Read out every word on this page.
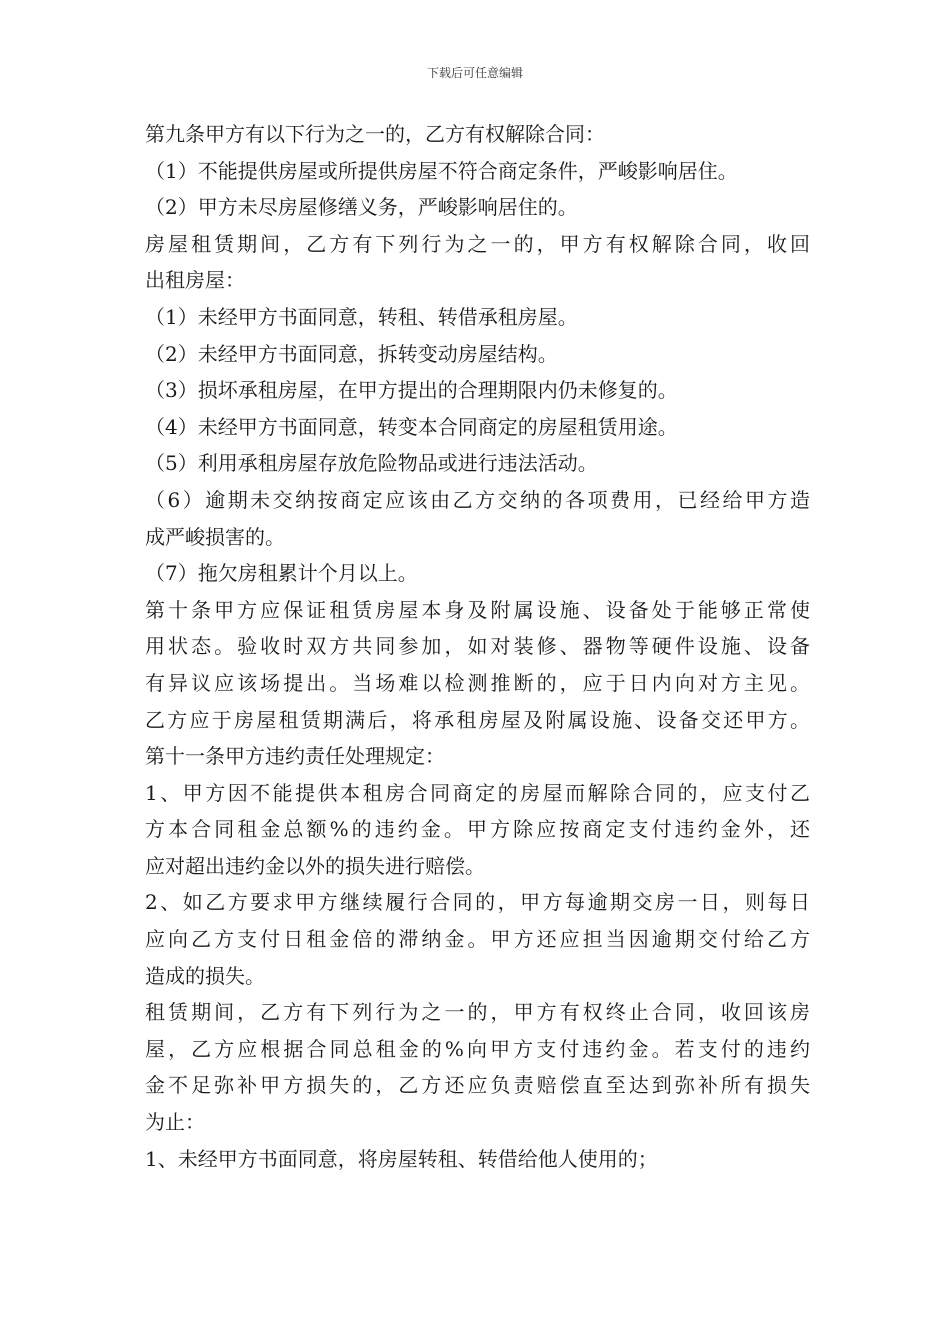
下载后可任意编辑
第九条甲方有以下行为之一的，乙方有权解除合同：
（1）不能提供房屋或所提供房屋不符合商定条件，严峻影响居住。
（2）甲方未尽房屋修缮义务，严峻影响居住的。
房屋租赁期间，乙方有下列行为之一的，甲方有权解除合同，收回
出租房屋：
（1）未经甲方书面同意，转租、转借承租房屋。
（2）未经甲方书面同意，拆转变动房屋结构。
（3）损坏承租房屋，在甲方提出的合理期限内仍未修复的。
（4）未经甲方书面同意，转变本合同商定的房屋租赁用途。
（5）利用承租房屋存放危险物品或进行违法活动。
（6）逾期未交纳按商定应该由乙方交纳的各项费用，已经给甲方造
成严峻损害的。
（7）拖欠房租累计个月以上。
第十条甲方应保证租赁房屋本身及附属设施、设备处于能够正常使
用状态。验收时双方共同参加，如对装修、器物等硬件设施、设备
有异议应该场提出。当场难以检测推断的，应于日内向对方主见。
乙方应于房屋租赁期满后，将承租房屋及附属设施、设备交还甲方。
第十一条甲方违约责任处理规定：
1、甲方因不能提供本租房合同商定的房屋而解除合同的，应支付乙
方本合同租金总额%的违约金。甲方除应按商定支付违约金外，还
应对超出违约金以外的损失进行赔偿。
2、如乙方要求甲方继续履行合同的，甲方每逾期交房一日，则每日
应向乙方支付日租金倍的滞纳金。甲方还应担当因逾期交付给乙方
造成的损失。
租赁期间，乙方有下列行为之一的，甲方有权终止合同，收回该房
屋，乙方应根据合同总租金的%向甲方支付违约金。若支付的违约
金不足弥补甲方损失的，乙方还应负责赔偿直至达到弥补所有损失
为止：
1、未经甲方书面同意，将房屋转租、转借给他人使用的；
